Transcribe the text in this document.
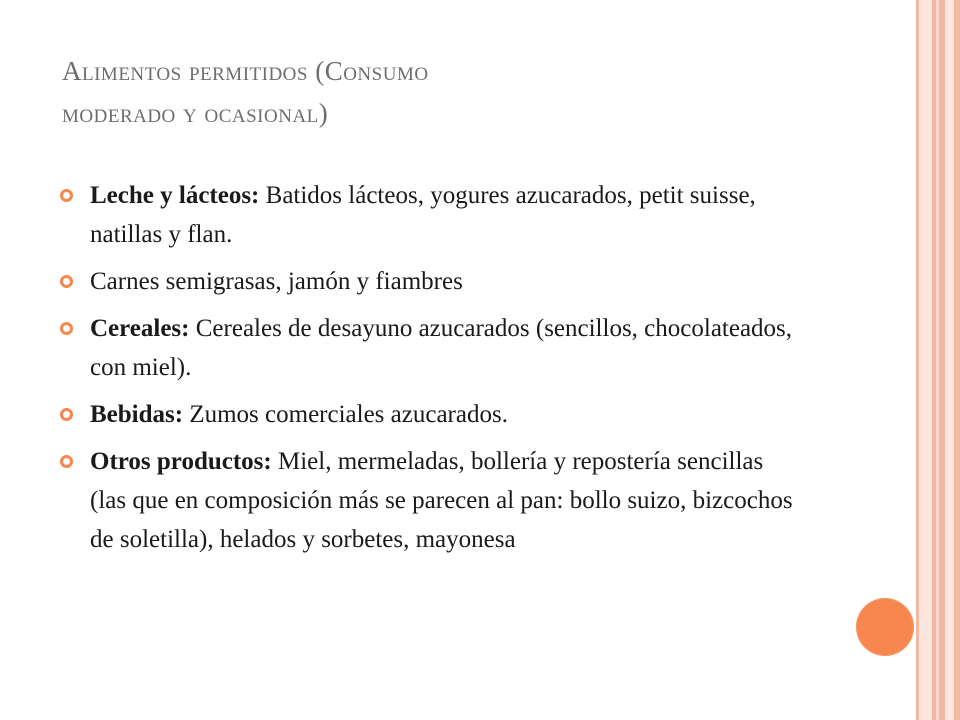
Alimentos permitidos (Consumo
moderado y ocasional)
Leche y lácteos: Batidos lácteos, yogures azucarados, petit suisse, natillas y flan.
Carnes semigrasas, jamón y fiambres
Cereales: Cereales de desayuno azucarados (sencillos, chocolateados, con miel).
Bebidas: Zumos comerciales azucarados.
Otros productos: Miel, mermeladas, bollería y repostería sencillas (las que en composición más se parecen al pan: bollo suizo, bizcochos de soletilla), helados y sorbetes, mayonesa
